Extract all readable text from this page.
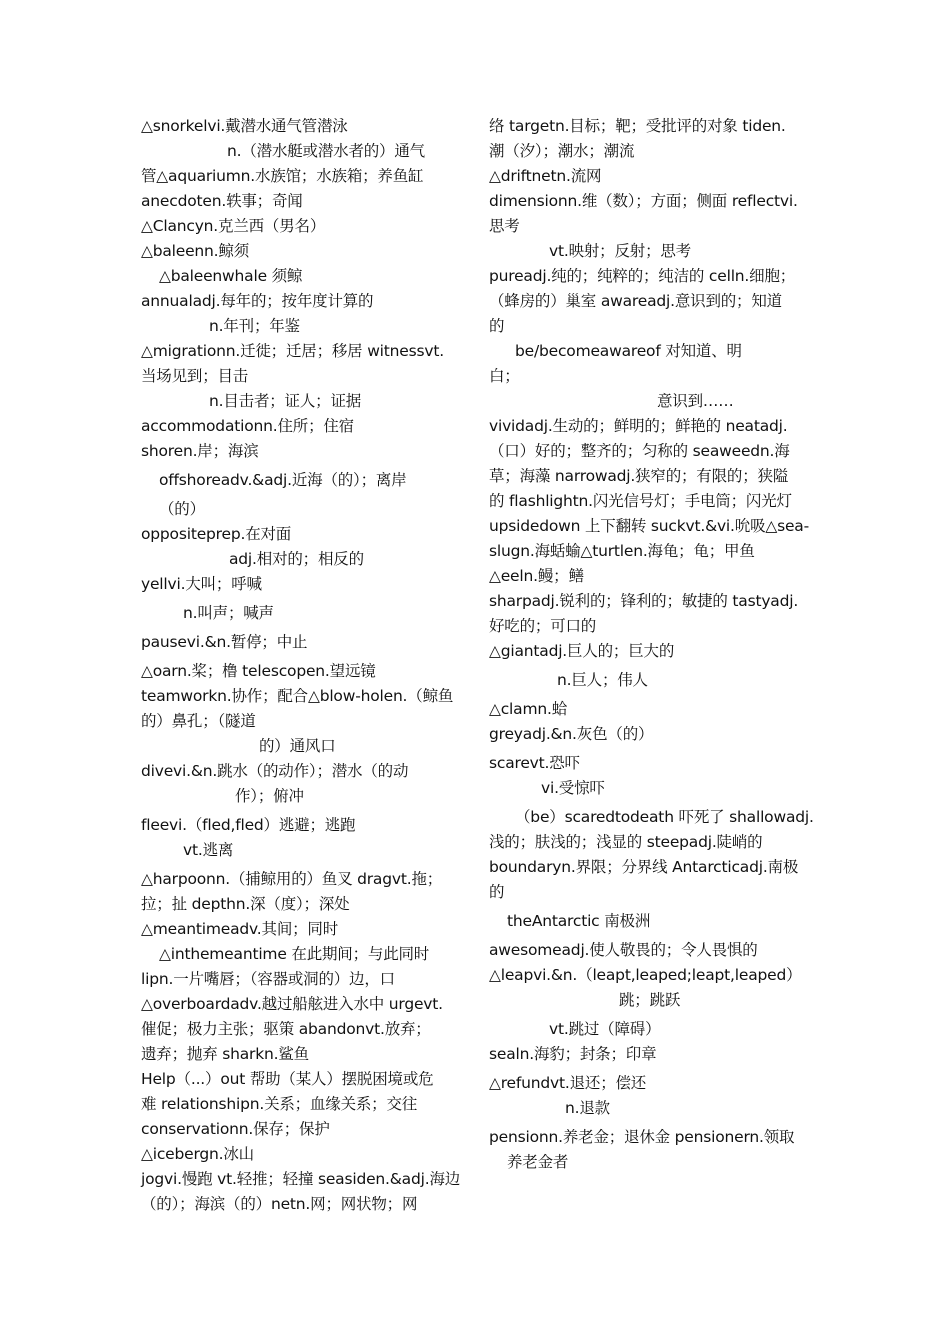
△snorkelvi.戴潜水通气管潜泳
n.（潜水艇或潜水者的）通气
管△aquariumn.水族馆；水族箱；养鱼缸
anecdoten.轶事；奇闻
△Clancyn.克兰西（男名）
△baleenn.鲸须
△baleenwhale 须鲸
annualadj.每年的；按年度计算的
n.年刊；年鉴
△migrationn.迁徙；迁居；移居 witnessvt.
当场见到；目击
n.目击者；证人；证据
accommodationn.住所；住宿
shoren.岸；海滨
offshoreadv.&adj.近海（的）；离岸
（的）
oppositeprep.在对面
adj.相对的；相反的
yellvi.大叫；呼喊
n.叫声；喊声
pausevi.&n.暂停；中止
△oarn.桨；橹 telescopen.望远镜
teamworkn.协作；配合△blow-holen.（鲸鱼
的）鼻孔；（隧道
的）通风口
divevi.&n.跳水（的动作）；潜水（的动
作）；俯冲
fleevi.（fled,fled）逃避；逃跑
vt.逃离
△harpoonn.（捕鲸用的）鱼叉 dragvt.拖；
拉；扯 depthn.深（度）；深处
△meantimeadv.其间；同时
△inthemeantime 在此期间；与此同时
lipn.一片嘴唇；（容器或洞的）边，口
△overboardadv.越过船舷进入水中 urgevt.
催促；极力主张；驱策 abandonvt.放弃；
遗弃；抛弃 sharkn.鲨鱼
Help（...）out 帮助（某人）摆脱困境或危
难 relationshipn.关系；血缘关系；交往
conservationn.保存；保护
△icebergn.冰山
jogvi.慢跑 vt.轻推；轻撞 seasiden.&adj.海边
（的）；海滨（的）netn.网；网状物；网
络 targetn.目标；靶；受批评的对象 tiden.
潮（汐）；潮水；潮流
△driftnetn.流网
dimensionn.维（数）；方面；侧面 reflectvi.
思考
vt.映射；反射；思考
pureadj.纯的；纯粹的；纯洁的 celln.细胞；
（蜂房的）巢室 awareadj.意识到的；知道
的
be/becomeawareof 对知道、明
白；
意识到……
vividadj.生动的；鲜明的；鲜艳的 neatadj.
（口）好的；整齐的；匀称的 seaweedn.海
草；海藻 narrowadj.狭窄的；有限的；狭隘
的 flashlightn.闪光信号灯；手电筒；闪光灯
upsidedown 上下翻转 suckvt.&vi.吮吸△sea-
slugn.海蛞蝓△turtlen.海龟；龟；甲鱼
△eeln.鳗；鳝
sharpadj.锐利的；锋利的；敏捷的 tastyadj.
好吃的；可口的
△giantadj.巨人的；巨大的
n.巨人；伟人
△clamn.蛤
greyadj.&n.灰色（的）
scarevt.恐吓
vi.受惊吓
（be）scaredtodeath 吓死了 shallowadj.
浅的；肤浅的；浅显的 steepadj.陡峭的
boundaryn.界限；分界线 Antarcticadj.南极
的
theAntarctic 南极洲
awesomeadj.使人敬畏的；令人畏惧的
△leapvi.&n.（leapt,leaped;leapt,leaped）
跳；跳跃
vt.跳过（障碍）
sealn.海豹；封条；印章
△refundvt.退还；偿还
n.退款
pensionn.养老金；退休金 pensionern.领取
养老金者
